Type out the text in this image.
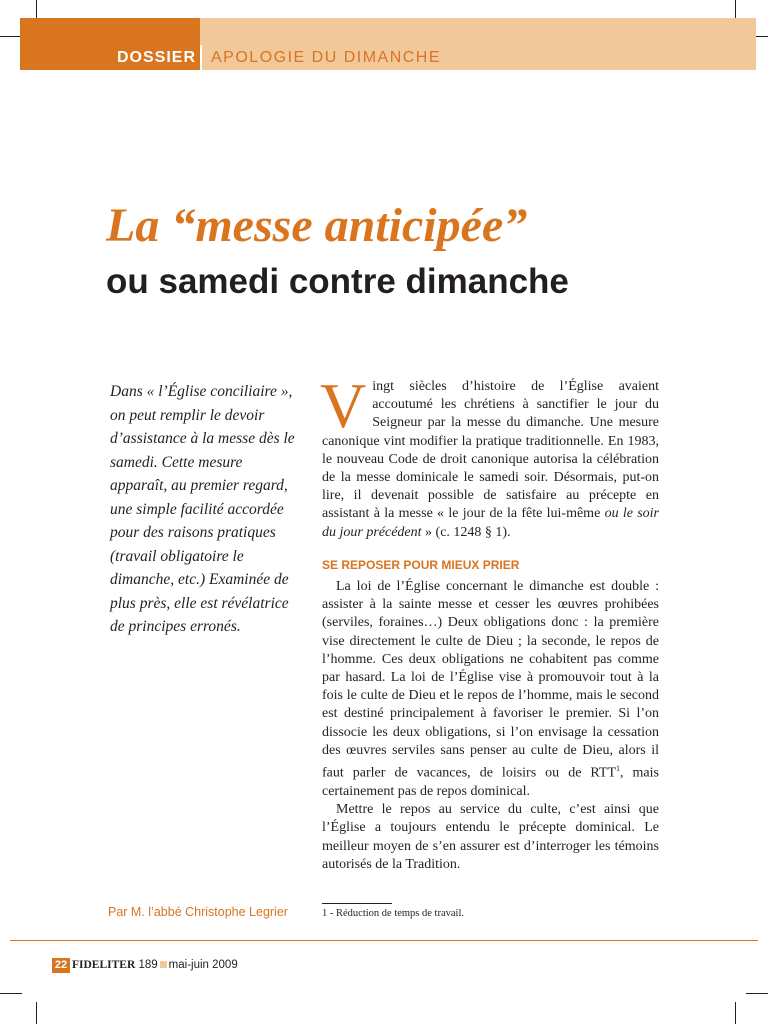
DOSSIER APOLOGIE DU DIMANCHE
La “messe anticipée”
ou samedi contre dimanche

Dans « l’Église conciliaire », on peut remplir le devoir d’assistance à la messe dès le samedi. Cette mesure apparaît, au premier regard, une simple facilité accordée pour des raisons pratiques (travail obligatoire le dimanche, etc.) Examinée de plus près, elle est révélatrice de principes erronés.

Par M. l’abbé Christophe Legrier

Vingt siècles d’histoire de l’Église avaient accoutumé les chrétiens à sanctifier le jour du Seigneur par la messe du dimanche. Une mesure canonique vint modifier la pratique traditionnelle. En 1983, le nouveau Code de droit canonique autorisa la célébration de la messe dominicale le samedi soir. Désormais, put-on lire, il devenait possible de satisfaire au précepte en assistant à la messe « le jour de la fête lui-même ou le soir du jour précédent » (c. 1248 § 1).

SE REPOSER POUR MIEUX PRIER

La loi de l’Église concernant le dimanche est double : assister à la sainte messe et cesser les œuvres prohibées (serviles, foraines…) Deux obligations donc : la première vise directement le culte de Dieu ; la seconde, le repos de l’homme. Ces deux obligations ne cohabitent pas comme par hasard. La loi de l’Église vise à promouvoir tout à la fois le culte de Dieu et le repos de l’homme, mais le second est destiné principalement à favoriser le premier. Si l’on dissocie les deux obligations, si l’on envisage la cessation des œuvres serviles sans penser au culte de Dieu, alors il faut parler de vacances, de loisirs ou de RTT$^1$, mais certainement pas de repos dominical.

Mettre le repos au service du culte, c’est ainsi que l’Église a toujours entendu le précepte dominical. Le meilleur moyen de s’en assurer est d’interroger les témoins autorisés de la Tradition.

1 - Réduction de temps de travail.
22 FIDELITER 189 mai-juin 2009
